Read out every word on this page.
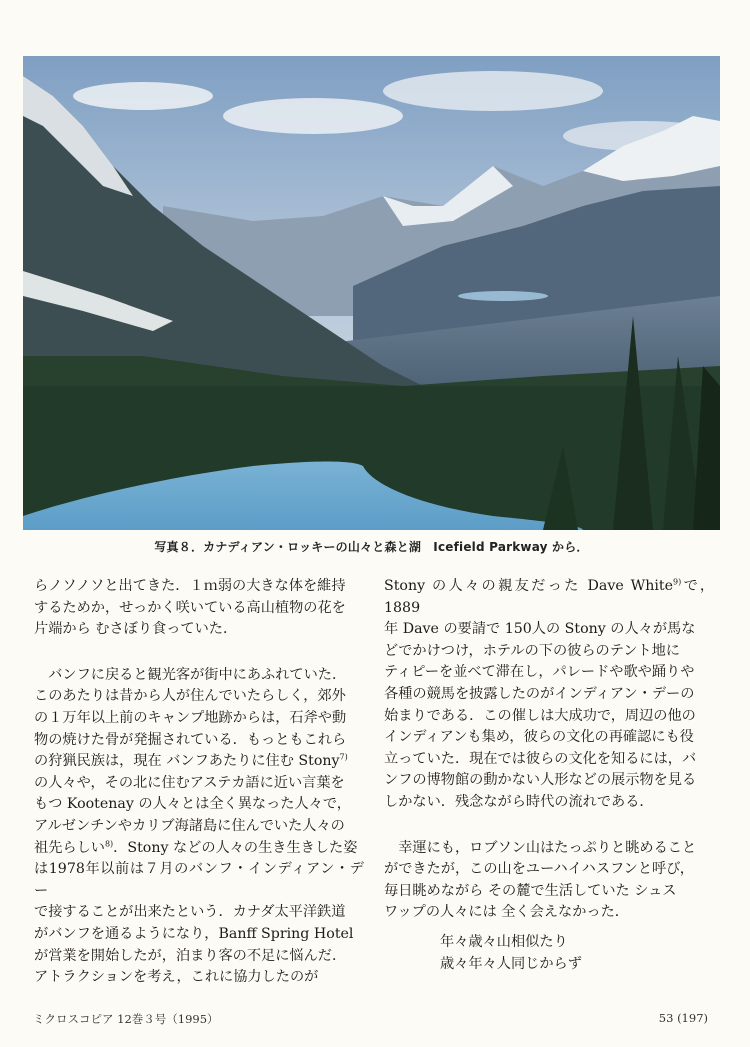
写真８．カナディアン・ロッキーの山々と森と湖　Icefield Parkway から．

らノソノソと出てきた．１ｍ弱の大きな体を維持
するためか，せっかく咲いている高山植物の花を
片端から むさぼり食っていた．

バンフに戻ると観光客が街中にあふれていた．
このあたりは昔から人が住んでいたらしく，郊外
の１万年以上前のキャンプ地跡からは，石斧や動
物の焼けた骨が発掘されている．もっともこれら
の狩猟民族は，現在 バンフあたりに住む Stony$^{7)}$
の人々や，その北に住むアステカ語に近い言葉を
もつ Kootenay の人々とは全く異なった人々で，
アルゼンチンやカリブ海諸島に住んでいた人々の
祖先らしい$^{8)}$．Stony などの人々の生き生きした姿
は1978年以前は７月のバンフ・インディアン・デー
で接することが出来たという．カナダ太平洋鉄道
がバンフを通るようになり，Banff Spring Hotel
が営業を開始したが，泊まり客の不足に悩んだ．
アトラクションを考え，これに協力したのが

Stony の人々の親友だった Dave White$^{9)}$で，1889
年 Dave の要請で 150人の Stony の人々が馬な
どでかけつけ，ホテルの下の彼らのテント地に
ティピーを並べて滞在し，パレードや歌や踊りや
各種の競馬を披露したのがインディアン・デーの
始まりである．この催しは大成功で，周辺の他の
インディアンも集め，彼らの文化の再確認にも役
立っていた．現在では彼らの文化を知るには，バ
ンフの博物館の動かない人形などの展示物を見る
しかない．残念ながら時代の流れである．

幸運にも，ロブソン山はたっぷりと眺めること
ができたが，この山をユーハイハスフンと呼び，
毎日眺めながら その麓で生活していた シュス
ワップの人々には 全く会えなかった．

年々歳々山相似たり
歳々年々人同じからず
ミクロスコピア 12巻３号（1995）	53 (197)
